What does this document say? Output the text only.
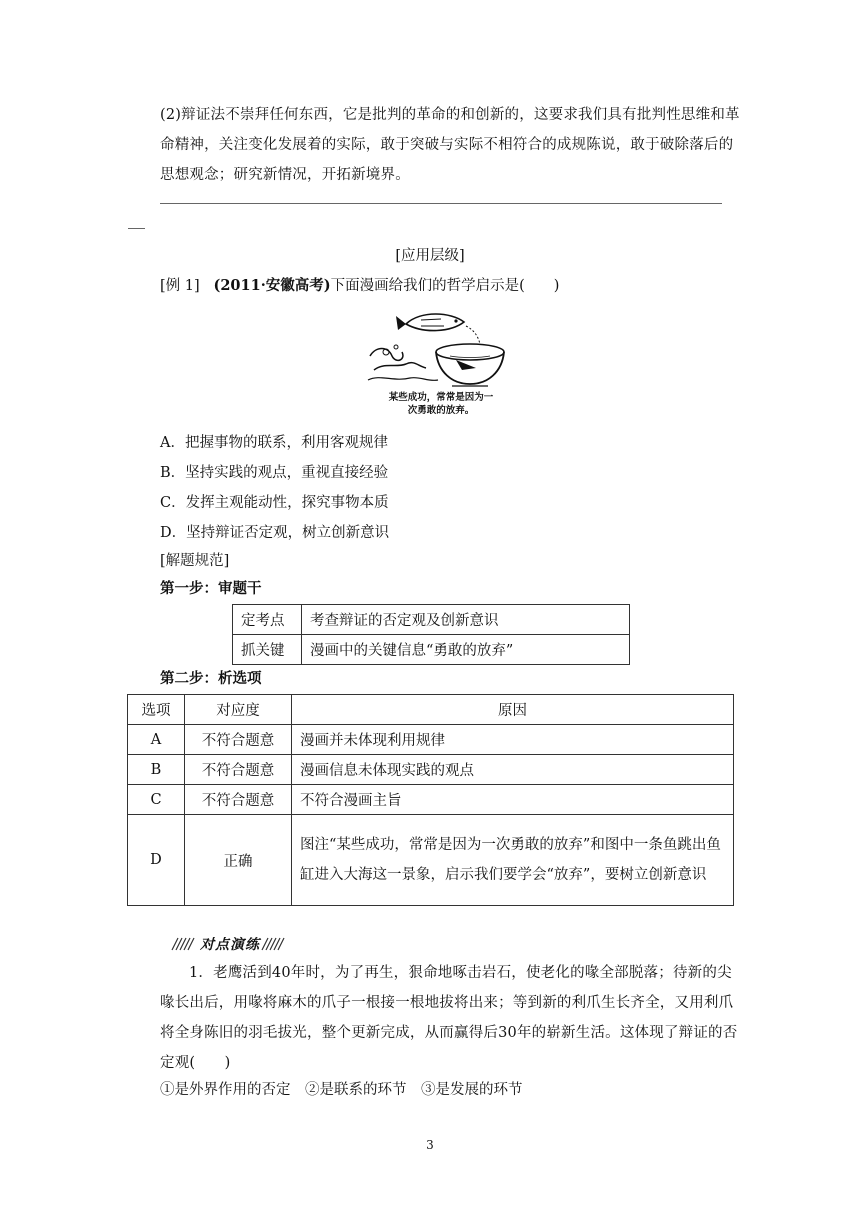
(2)辩证法不崇拜任何东西，它是批判的革命的和创新的，这要求我们具有批判性思维和革命精神，关注变化发展着的实际，敢于突破与实际不相符合的成规陈说，敢于破除落后的思想观念；研究新情况，开拓新境界。
[应用层级]
[例 1] (2011·安徽高考)下面漫画给我们的哲学启示是(　　)
某些成功，常常是因为一
次勇敢的放弃。
A．把握事物的联系，利用客观规律
B．坚持实践的观点，重视直接经验
C．发挥主观能动性，探究事物本质
D．坚持辩证否定观，树立创新意识
[解题规范]
第一步：审题干
定考点	考查辩证的否定观及创新意识
抓关键	漫画中的关键信息“勇敢的放弃”
第二步：析选项
选项	对应度	原因
A	不符合题意	漫画并未体现利用规律
B	不符合题意	漫画信息未体现实践的观点
C	不符合题意	不符合漫画主旨
D	正确	图注“某些成功，常常是因为一次勇敢的放弃”和图中一条鱼跳出鱼缸进入大海这一景象，启示我们要学会“放弃”，要树立创新意识
对点演练
1．老鹰活到40年时，为了再生，狠命地啄击岩石，使老化的喙全部脱落；待新的尖喙长出后，用喙将麻木的爪子一根接一根地拔将出来；等到新的利爪生长齐全，又用利爪将全身陈旧的羽毛拔光，整个更新完成，从而赢得后30年的崭新生活。这体现了辩证的否定观(　　)
①是外界作用的否定　②是联系的环节　③是发展的环节
3
